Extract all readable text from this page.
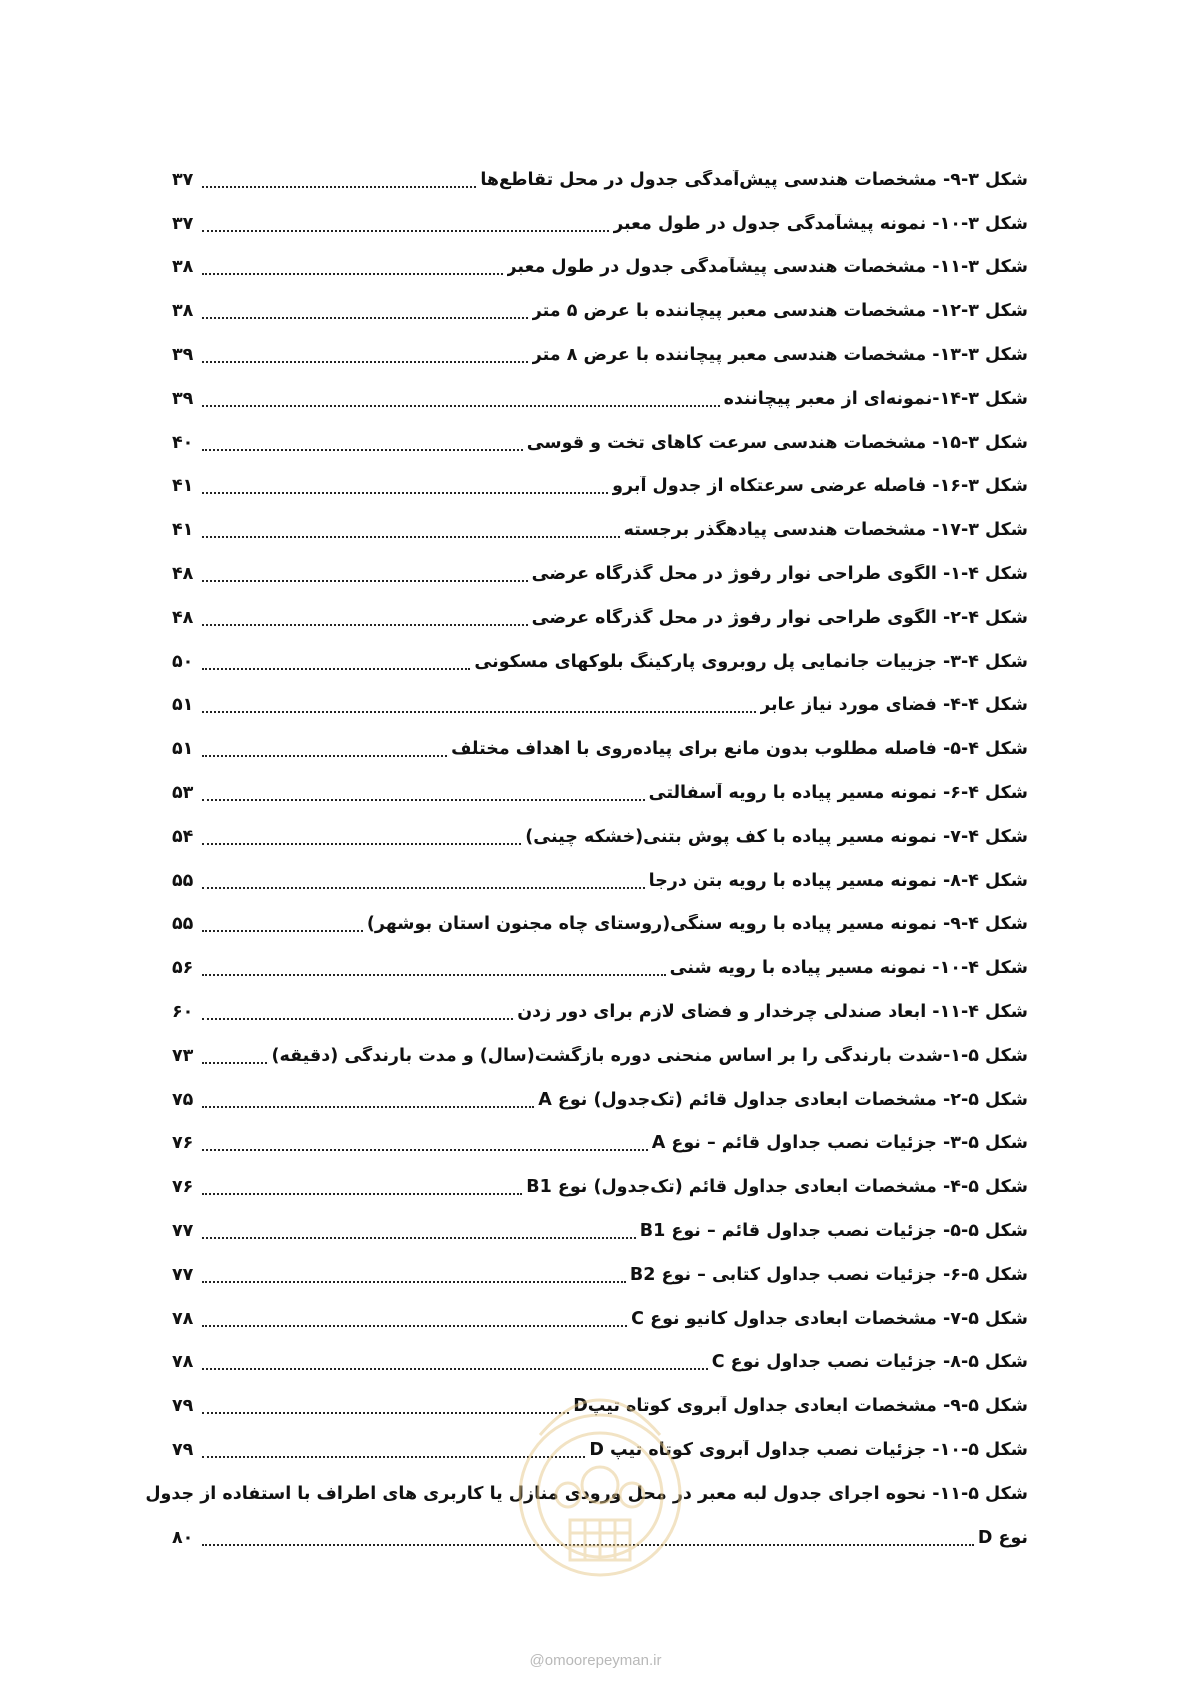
شکل ۳-۹- مشخصات هندسی پیش‌آمدگی جدول در محل تقاطع‌ها
۳۷
شکل ۳-۱۰- نمونه پیشآمدگی جدول در طول معبر
۳۷
شکل ۳-۱۱- مشخصات هندسی پیشآمدگی جدول در طول معبر
۳۸
شکل ۳-۱۲- مشخصات هندسی معبر پیچاننده با عرض ۵ متر
۳۸
شکل ۳-۱۳- مشخصات هندسی معبر پیچاننده با عرض ۸ متر
۳۹
شکل ۳-۱۴-نمونه‌ای از معبر پیچاننده
۳۹
شکل ۳-۱۵- مشخصات هندسی سرعت کاهای تخت و قوسی
۴۰
شکل ۳-۱۶- فاصله عرضی سرعتکاه از جدول آبرو
۴۱
شکل ۳-۱۷- مشخصات هندسی پیادهگذر برجسته
۴۱
شکل ۴-۱- الگوی طراحی نوار رفوژ در محل گذرگاه عرضی
۴۸
شکل ۴-۲- الگوی طراحی نوار رفوژ در محل گذرگاه عرضی
۴۸
شکل ۴-۳- جزییات جانمایی پل روبروی پارکینگ بلوکهای مسکونی
۵۰
شکل ۴-۴- فضای مورد نیاز عابر
۵۱
شکل ۴-۵- فاصله مطلوب بدون مانع برای پیاده‌روی با اهداف مختلف
۵۱
شکل ۴-۶- نمونه مسیر پیاده با رویه آسفالتی
۵۳
شکل ۴-۷- نمونه مسیر پیاده با کف پوش بتنی(خشکه چینی)
۵۴
شکل ۴-۸- نمونه مسیر پیاده با رویه بتن درجا
۵۵
شکل ۴-۹- نمونه مسیر پیاده با رویه سنگی(روستای چاه مجنون استان بوشهر)
۵۵
شکل ۴-۱۰- نمونه مسیر پیاده با رویه شنی
۵۶
شکل ۴-۱۱- ابعاد صندلی چرخدار و فضای لازم برای دور زدن
۶۰
شکل ۵-۱-شدت بارندگی را بر اساس منحنی دوره بازگشت(سال) و مدت بارندگی (دقیقه)
۷۳
شکل ۵-۲- مشخصات ابعادی جداول قائم (تک‌جدول) نوع A
۷۵
شکل ۵-۳- جزئیات نصب جداول قائم – نوع A
۷۶
شکل ۵-۴- مشخصات ابعادی جداول قائم (تک‌جدول) نوع B1
۷۶
شکل ۵-۵- جزئیات نصب جداول قائم – نوع B1
۷۷
شکل ۵-۶- جزئیات نصب جداول کتابی – نوع B2
۷۷
شکل ۵-۷- مشخصات ابعادی جداول کانیو نوع C
۷۸
شکل ۵-۸- جزئیات نصب جداول نوع C
۷۸
شکل ۵-۹- مشخصات ابعادی جداول آبروی کوتاه تیپD
۷۹
شکل ۵-۱۰- جزئیات نصب جداول آبروی کوتاه تیپ D
۷۹
شکل ۵-۱۱- نحوه اجرای جدول لبه معبر در محل ورودی منازل یا کاربری های اطراف با استفاده از جدول
نوع D
۸۰
@omoorepeyman.ir
